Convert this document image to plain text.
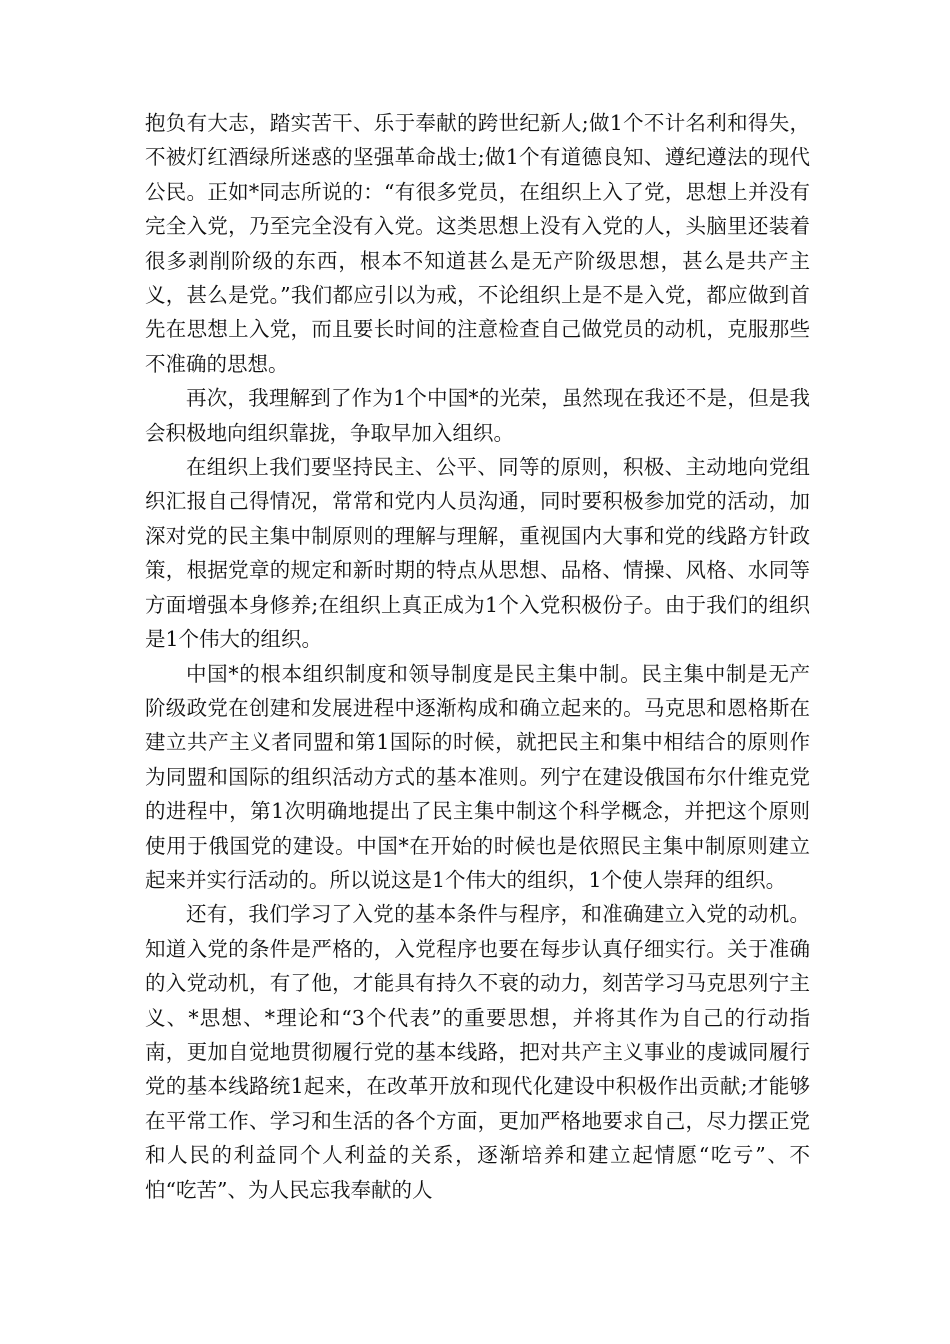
抱负有大志，踏实苦干、乐于奉献的跨世纪新人;做1个不计名利和得失，不被灯红酒绿所迷惑的坚强革命战士;做1个有道德良知、遵纪遵法的现代公民。正如*同志所说的：“有很多党员，在组织上入了党，思想上并没有完全入党，乃至完全没有入党。这类思想上没有入党的人，头脑里还装着很多剥削阶级的东西，根本不知道甚么是无产阶级思想，甚么是共产主义，甚么是党。”我们都应引以为戒，不论组织上是不是入党，都应做到首先在思想上入党，而且要长时间的注意检查自己做党员的动机，克服那些不准确的思想。

再次，我理解到了作为1个中国*的光荣，虽然现在我还不是，但是我会积极地向组织靠拢，争取早加入组织。

在组织上我们要坚持民主、公平、同等的原则，积极、主动地向党组织汇报自己得情况，常常和党内人员沟通，同时要积极参加党的活动，加深对党的民主集中制原则的理解与理解，重视国内大事和党的线路方针政策，根据党章的规定和新时期的特点从思想、品格、情操、风格、水同等方面增强本身修养;在组织上真正成为1个入党积极份子。由于我们的组织是1个伟大的组织。

中国*的根本组织制度和领导制度是民主集中制。民主集中制是无产阶级政党在创建和发展进程中逐渐构成和确立起来的。马克思和恩格斯在建立共产主义者同盟和第1国际的时候，就把民主和集中相结合的原则作为同盟和国际的组织活动方式的基本准则。列宁在建设俄国布尔什维克党的进程中，第1次明确地提出了民主集中制这个科学概念，并把这个原则使用于俄国党的建设。中国*在开始的时候也是依照民主集中制原则建立起来并实行活动的。所以说这是1个伟大的组织，1个使人崇拜的组织。

还有，我们学习了入党的基本条件与程序，和准确建立入党的动机。知道入党的条件是严格的，入党程序也要在每步认真仔细实行。关于准确的入党动机，有了他，才能具有持久不衰的动力，刻苦学习马克思列宁主义、*思想、*理论和“3个代表”的重要思想，并将其作为自己的行动指南，更加自觉地贯彻履行党的基本线路，把对共产主义事业的虔诚同履行党的基本线路统1起来，在改革开放和现代化建设中积极作出贡献;才能够在平常工作、学习和生活的各个方面，更加严格地要求自己，尽力摆正党和人民的利益同个人利益的关系，逐渐培养和建立起情愿“吃亏”、不怕“吃苦”、为人民忘我奉献的人
